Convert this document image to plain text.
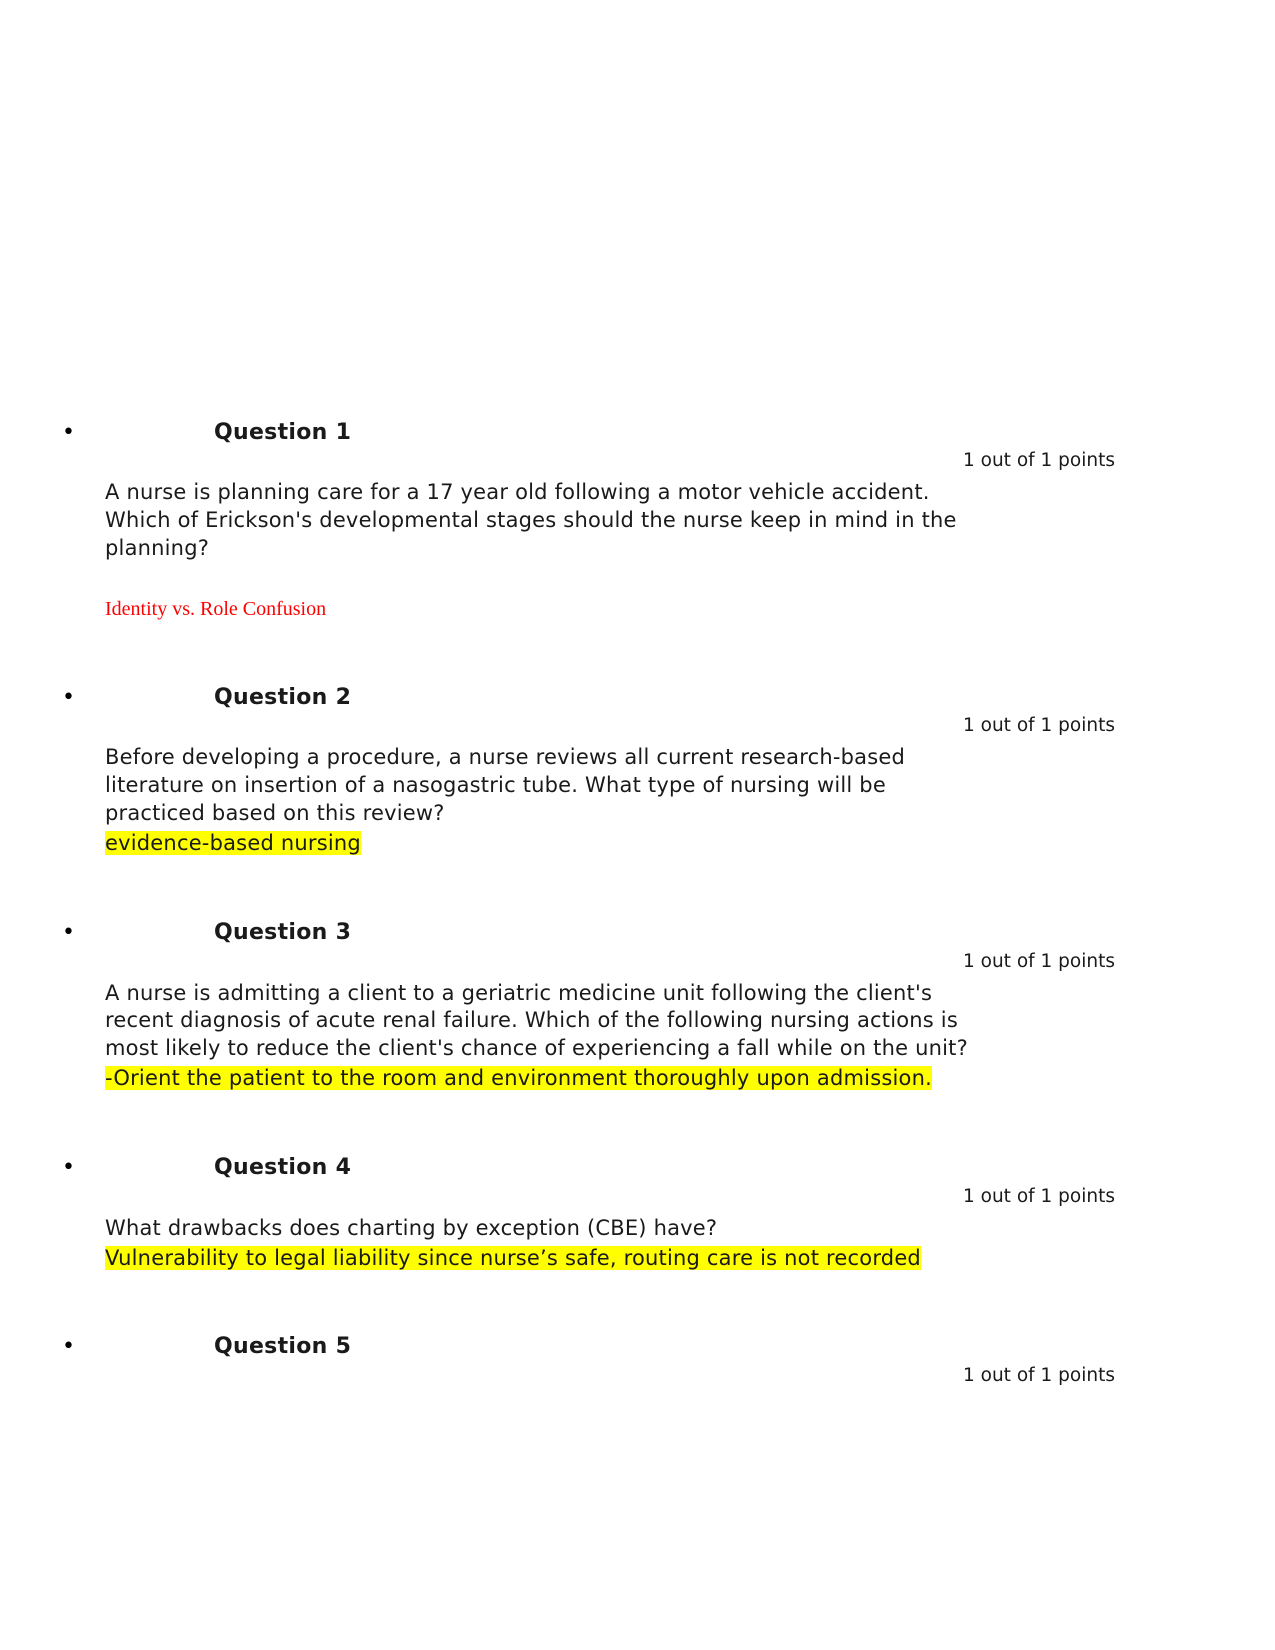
•	Question 1
1 out of 1 points

A nurse is planning care for a 17 year old following a motor vehicle accident. Which of Erickson's developmental stages should the nurse keep in mind in the planning?

Identity vs. Role Confusion

•	Question 2
1 out of 1 points

Before developing a procedure, a nurse reviews all current research-based literature on insertion of a nasogastric tube. What type of nursing will be practiced based on this review?

evidence-based nursing

•	Question 3
1 out of 1 points

A nurse is admitting a client to a geriatric medicine unit following the client's recent diagnosis of acute renal failure. Which of the following nursing actions is most likely to reduce the client's chance of experiencing a fall while on the unit?

-Orient the patient to the room and environment thoroughly upon admission.

•	Question 4
1 out of 1 points

What drawbacks does charting by exception (CBE) have?

Vulnerability to legal liability since nurse’s safe, routing care is not recorded

•	Question 5
1 out of 1 points
